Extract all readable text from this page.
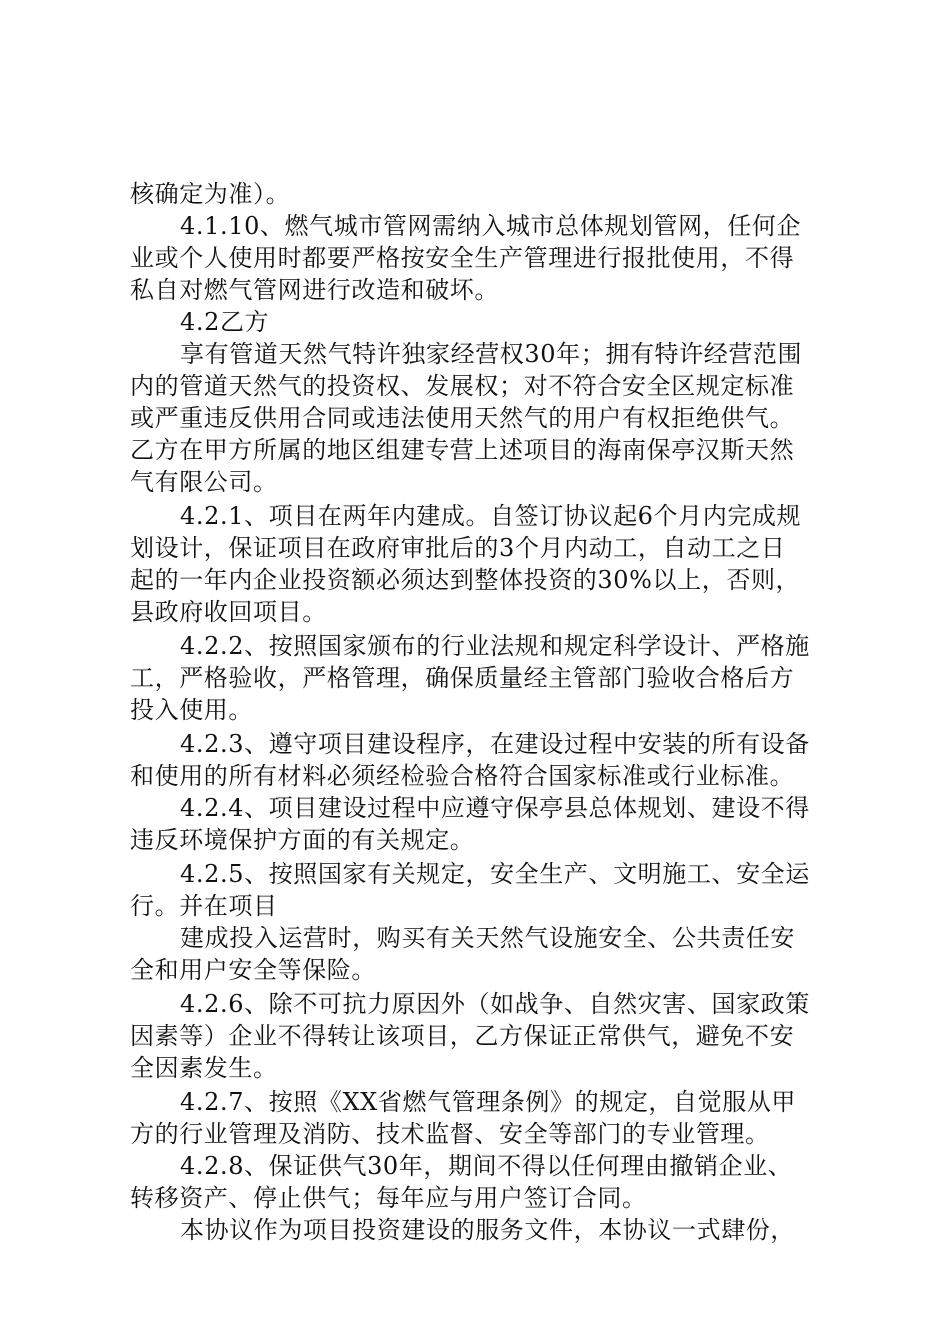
核确定为准）。
4.1.10、燃气城市管网需纳入城市总体规划管网，任何企
业或个人使用时都要严格按安全生产管理进行报批使用，不得
私自对燃气管网进行改造和破坏。
4.2乙方
享有管道天然气特许独家经营权30年；拥有特许经营范围
内的管道天然气的投资权、发展权；对不符合安全区规定标准
或严重违反供用合同或违法使用天然气的用户有权拒绝供气。
乙方在甲方所属的地区组建专营上述项目的海南保亭汉斯天然
气有限公司。
4.2.1、项目在两年内建成。自签订协议起6个月内完成规
划设计，保证项目在政府审批后的3个月内动工，自动工之日
起的一年内企业投资额必须达到整体投资的30%以上，否则，
县政府收回项目。
4.2.2、按照国家颁布的行业法规和规定科学设计、严格施
工，严格验收，严格管理，确保质量经主管部门验收合格后方
投入使用。
4.2.3、遵守项目建设程序，在建设过程中安装的所有设备
和使用的所有材料必须经检验合格符合国家标准或行业标准。
4.2.4、项目建设过程中应遵守保亭县总体规划、建设不得
违反环境保护方面的有关规定。
4.2.5、按照国家有关规定，安全生产、文明施工、安全运
行。并在项目
建成投入运营时，购买有关天然气设施安全、公共责任安
全和用户安全等保险。
4.2.6、除不可抗力原因外（如战争、自然灾害、国家政策
因素等）企业不得转让该项目，乙方保证正常供气，避免不安
全因素发生。
4.2.7、按照《XX省燃气管理条例》的规定，自觉服从甲
方的行业管理及消防、技术监督、安全等部门的专业管理。
4.2.8、保证供气30年，期间不得以任何理由撤销企业、
转移资产、停止供气；每年应与用户签订合同。
本协议作为项目投资建设的服务文件，本协议一式肆份，
